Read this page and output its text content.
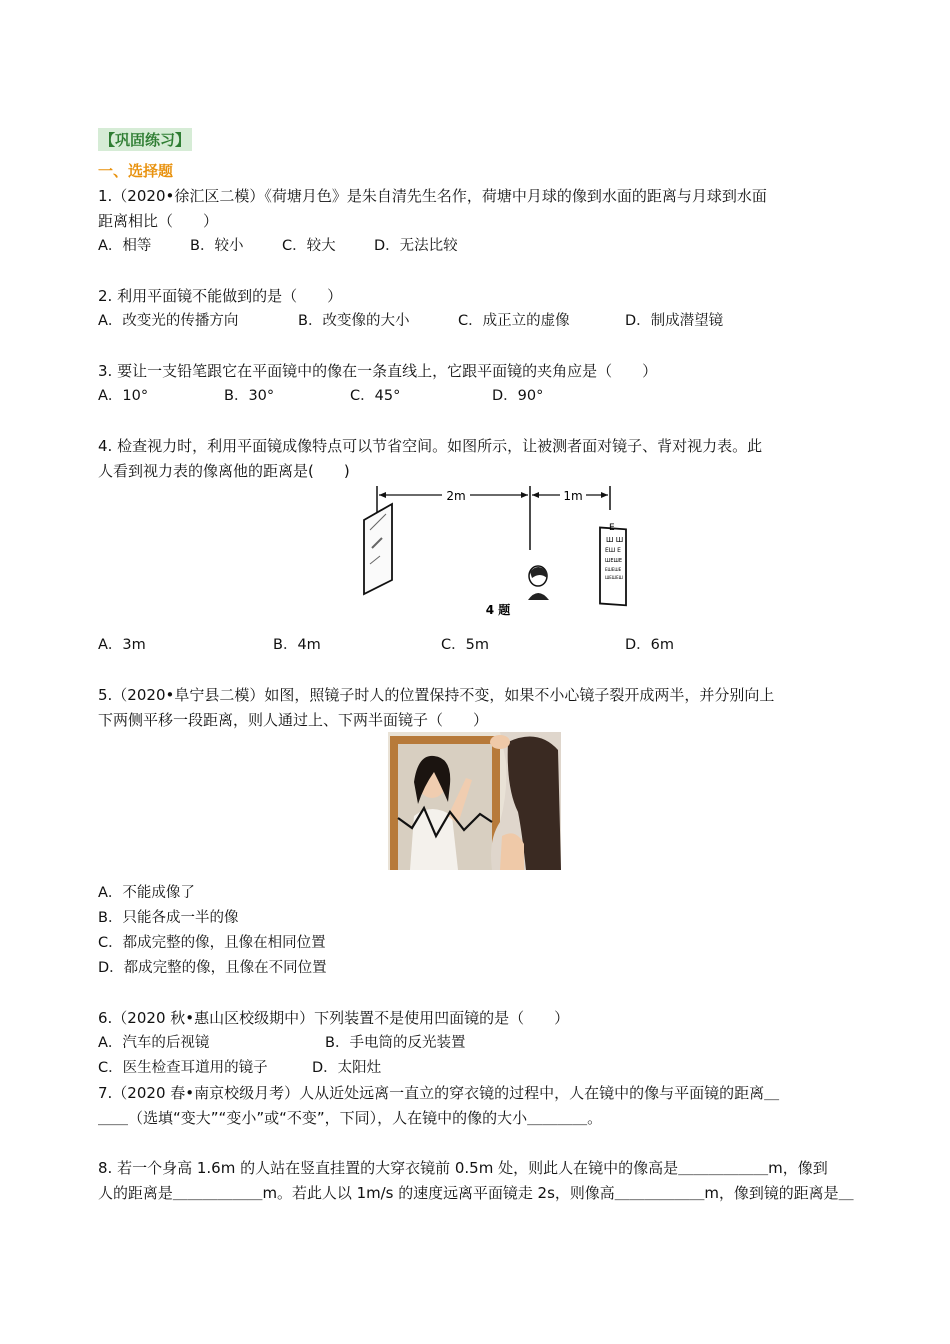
【巩固练习】
一、选择题
1.（2020•徐汇区二模）《荷塘月色》是朱自清先生名作，荷塘中月球的像到水面的距离与月球到水面
距离相比（　　）
A．相等	B．较小	C．较大	D．无法比较
2. 利用平面镜不能做到的是（　　）
A．改变光的传播方向	B．改变像的大小	C．成正立的虚像	D．制成潜望镜
3. 要让一支铅笔跟它在平面镜中的像在一条直线上，它跟平面镜的夹角应是（　　）
A．10°	B．30°	C．45°	D．90°
4. 检查视力时，利用平面镜成像特点可以节省空间。如图所示，让被测者面对镜子、背对视力表。此
人看到视力表的像离他的距离是(　　)
2m	1m
E
Ш Ш
EШ E
ШEШE
EШEШE
ШEШEШ
4 题
A．3m	B．4m	C．5m	D．6m
5.（2020•阜宁县二模）如图，照镜子时人的位置保持不变，如果不小心镜子裂开成两半，并分别向上
下两侧平移一段距离，则人通过上、下两半面镜子（　　）
A．不能成像了
B．只能各成一半的像
C．都成完整的像，且像在相同位置
D．都成完整的像，且像在不同位置
6.（2020 秋•惠山区校级期中）下列装置不是使用凹面镜的是（　　）
A．汽车的后视镜	B．手电筒的反光装置
C．医生检查耳道用的镜子	D．太阳灶
7.（2020 春•南京校级月考）人从近处远离一直立的穿衣镜的过程中，人在镜中的像与平面镜的距离＿
＿＿（选填“变大”“变小”或“不变”，下同），人在镜中的像的大小＿＿＿＿。
8. 若一个身高 1.6m 的人站在竖直挂置的大穿衣镜前 0.5m 处，则此人在镜中的像高是＿＿＿＿＿＿m，像到
人的距离是＿＿＿＿＿＿m。若此人以 1m/s 的速度远离平面镜走 2s，则像高＿＿＿＿＿＿m，像到镜的距离是＿
